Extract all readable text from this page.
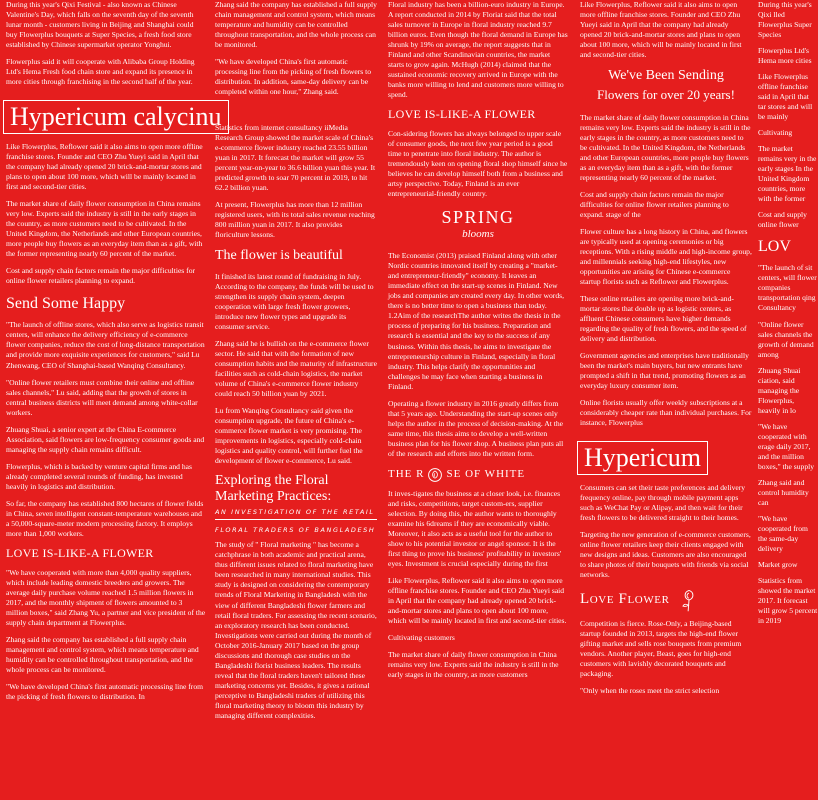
During this year's Qixi Festival - also known as Chinese Valentine's Day, which falls on the seventh day of the seventh lunar month - customers living in Beijing and Shanghai could buy Flowerplus bouquets at Super Species, a fresh food store established by Chinese supermarket operator Yonghui.

Flowerplus said it will cooperate with Alibaba Group Holding Ltd's Hema Fresh food chain store and expand its presence in more cities through franchising in the second half of the year.

Hypericum calycinu

Like Flowerplus, Reflower said it also aims to open more offline franchise stores. Founder and CEO Zhu Yueyi said in April that the company had already opened 20 brick-and-mortar stores and plans to open about 100 more, which will be mainly located in first and second-tier cities.

The market share of daily flower consumption in China remains very low. Experts said the industry is still in the early stages in the country, as more customers need to be cultivated. In the United Kingdom, the Netherlands and other European countries, more people buy flowers as an everyday item than as a gift, with the former representing nearly 60 percent of the market.

Cost and supply chain factors remain the major difficulties for online flower retailers planning to expand.

Send Some Happy

"The launch of offline stores, which also serve as logistics transit centers, will enhance the delivery efficiency of e-commerce flower companies, reduce the cost of long-distance transportation and provide more exquisite experiences for customers," said Lu Zhenwang, CEO of Shanghai-based Wanqing Consultancy.

"Online flower retailers must combine their online and offline sales channels," Lu said, adding that the growth of stores in central business districts will meet demand among white-collar workers.

Zhuang Shuai, a senior expert at the China E-commerce Association, said flowers are low-frequency consumer goods and managing the supply chain remains difficult.

Flowerplus, which is backed by venture capital firms and has already completed several rounds of funding, has invested heavily in logistics and distribution.

So far, the company has established 800 hectares of flower fields in China, seven intelligent constant-temperature warehouses and a 50,000-square-meter modern processing factory. It employs more than 1,000 workers.

LOVE IS-LIKE-A FLOWER

"We have cooperated with more than 4,000 quality suppliers, which include leading domestic breeders and growers. The average daily purchase volume reached 1.5 million flowers in 2017, and the monthly shipment of flowers amounted to 3 million boxes," said Zhang Yu, a partner and vice president of the supply chain department at Flowerplus.

Zhang said the company has established a full supply chain management and control system, which means temperature and humidity can be controlled throughout transportation, and the whole process can be monitored.

"We have developed China's first automatic processing line from the picking of fresh flowers to distribution. In

Zhang said the company has established a full supply chain management and control system, which means temperature and humidity can be controlled throughout transportation, and the whole process can be monitored.

"We have developed China's first automatic processing line from the picking of fresh flowers to distribution. In addition, same-day delivery can be completed within one hour," Zhang said.

Statistics from internet consultancy iiMedia Research Group showed the market scale of China's e-commerce flower industry reached 23.55 billion yuan in 2017. It forecast the market will grow 55 percent year-on-year to 36.6 billion yuan this year. It predicted growth to soar 70 percent in 2019, to hit 62.2 billion yuan.

At present, Flowerplus has more than 12 million registered users, with its total sales revenue reaching 800 million yuan in 2017. It also provides floriculture lessons.

The flower is beautiful

It finished its latest round of fundraising in July. According to the company, the funds will be used to strengthen its supply chain system, deepen cooperation with large fresh flower growers, introduce new flower types and upgrade its consumer service.

Zhang said he is bullish on the e-commerce flower sector. He said that with the formation of new consumption habits and the maturity of infrastructure facilities such as cold-chain logistics, the market volume of China's e-commerce flower industry could reach 50 billion yuan by 2021.

Lu from Wanqing Consultancy said given the consumption upgrade, the future of China's e-commerce flower market is very promising. The improvements in logistics, especially cold-chain logistics and quality control, will further fuel the development of flower e-commerce, Lu said.

Exploring the Floral Marketing Practices:
AN INVESTIGATION OF THE RETAIL
FLORAL TRADERS OF BANGLADESH

The study of " Floral marketing " has become a catchphrase in both academic and practical arena, thus different issues related to floral marketing have been researched in many international studies. This study is designed on considering the contemporary trends of Floral Marketing in Bangladesh with the view of different Bangladeshi flower farmers and retail floral traders. For assessing the recent scenario, an exploratory research has been conducted. Investigations were carried out during the month of October 2016-January 2017 based on the group discussions and thorough case studies on the Bangladeshi florist business leaders. The results reveal that the floral traders haven't tailored these marketing concerns yet. Besides, it gives a rational perceptive to Bangladeshi traders of utilizing this floral marketing theory to bloom this industry by managing different complexities.

Floral industry has been a billion-euro industry in Europe. A report conducted in 2014 by Floriat said that the total sales turnover in Europe in floral industry reached 9.7 billion euros. Even though the floral demand in Europe has shrunk by 19% on average, the report suggests that in Finland and other Scandinavian countries, the market starts to grow again. McHugh (2014) claimed that the sustained economic recovery arrived in Europe with the banks more willing to lend and customers more willing to spend.

LOVE IS-LIKE-A FLOWER

Con-sidering flowers has always belonged to upper scale of consumer goods, the next few year period is a good time to penetrate into floral industry. The author is tremendously keen on opening floral shop himself since he believes he can develop himself both from a business and artsy perspective. Today, Finland is an ever entrepreneurial-friendly country.

SPRING
blooms

The Economist (2013) praised Finland along with other Nordic countries innovated itself by creating a "market-and entrepreneur-friendly" economy. It leaves an immediate effect on the start-up scenes in Finland. New jobs and companies are created every day. In other words, there is no better time to open a business than today. 1.2Aim of the researchThe author writes the thesis in the process of preparing for his business. Preparation and research is essential and the key to the success of any business. Within this thesis, he aims to investigate the entrepreneurship culture in Finland, especially in floral industry. This helps clarify the opportunities and challenges he may face when starting a business in Finland.

Operating a flower industry in 2016 greatly differs from that 5 years ago. Understanding the start-up scenes only helps the author in the process of decision-making. At the same time, this thesis aims to develop a well-written business plan for his flower shop. A business plan puts all of the research and efforts into the written form.

THE R SE OF WHITE

It inves-tigates the business at a closer look, i.e. finances and risks, competitions, target custom-ers, supplier selection. By doing this, the author wants to thoroughly examine his 6dreams if they are economically viable. Moreover, it also acts as a useful tool for the author to show to his potential investor or angel sponsor. It is the first thing to prove his business' profitability in investors' eyes. Investment is crucial especially during the first

Like Flowerplus, Reflower said it also aims to open more offline franchise stores. Founder and CEO Zhu Yueyi said in April that the company had already opened 20 brick-and-mortar stores and plans to open about 100 more, which will be mainly located in first and second-tier cities.

Cultivating customers

The market share of daily flower consumption in China remains very low. Experts said the industry is still in the early stages in the country, as more customers

Like Flowerplus, Reflower said it also aims to open more offline franchise stores. Founder and CEO Zhu Yueyi said in April that the company had already opened 20 brick-and-mortar stores and plans to open about 100 more, which will be mainly located in first and second-tier cities.

We've Been Sending
Flowers for over 20 years!

The market share of daily flower consumption in China remains very low. Experts said the industry is still in the early stages in the country, as more customers need to be cultivated. In the United Kingdom, the Netherlands and other European countries, more people buy flowers as an everyday item than as a gift, with the former representing nearly 60 percent of the market.

Cost and supply chain factors remain the major difficulties for online flower retailers planning to expand. stage of the

Flower culture has a long history in China, and flowers are typically used at opening ceremonies or big receptions. With a rising middle and high-income group, and millennials seeking high-end lifestyles, new opportunities are arising for Chinese e-commerce startup florists such as Reflower and Flowerplus.

These online retailers are opening more brick-and-mortar stores that double up as logistic centers, as affluent Chinese consumers have higher demands regarding the quality of fresh flowers, and the speed of delivery and distribution.

Government agencies and enterprises have traditionally been the market's main buyers, but new entrants have prompted a shift in that trend, promoting flowers as an everyday luxury consumer item.

Online florists usually offer weekly subscriptions at a considerably cheaper rate than individual purchases. For instance, Flowerplus

Hypericum

Consumers can set their taste preferences and delivery frequency online, pay through mobile payment apps such as WeChat Pay or Alipay, and then wait for their fresh flowers to be delivered straight to their homes.

Targeting the new generation of e-commerce customers, online flower retailers keep their clients engaged with new designs and ideas. Customers are also encouraged to share photos of their bouquets with friends via social networks.

Love Flower

Competition is fierce. Rose-Only, a Beijing-based startup founded in 2013, targets the high-end flower gifting market and sells rose bouquets from premium vendors. Another player, Beast, goes for high-end customers with lavishly decorated bouquets and packaging.

"Only when the roses meet the strict selection

During this year's Qixi lled Flowerplus Super Species

Flowerplus Ltd's Hema more cities

Like Flowerplus offline franchise said in April that tar stores and will be mainly

Cultivating

The market remains very in the early stages In the United Kingdom countries, more with the former

Cost and supply online flower

LOV

"The launch of sit centers, will flower companies transportation qing Consultancy

"Online flower sales channels the growth of demand among

Zhuang Shuai ciation, said managing the Flowerplus, heavily in lo

"We have cooperated with erage daily 2017, and the million boxes," the supply

Zhang said and control humidity can

"We have cooperated from the same-day delivery

Market grow

Statistics from showed the market 2017. It forecast will grow 5 percent in 2019
